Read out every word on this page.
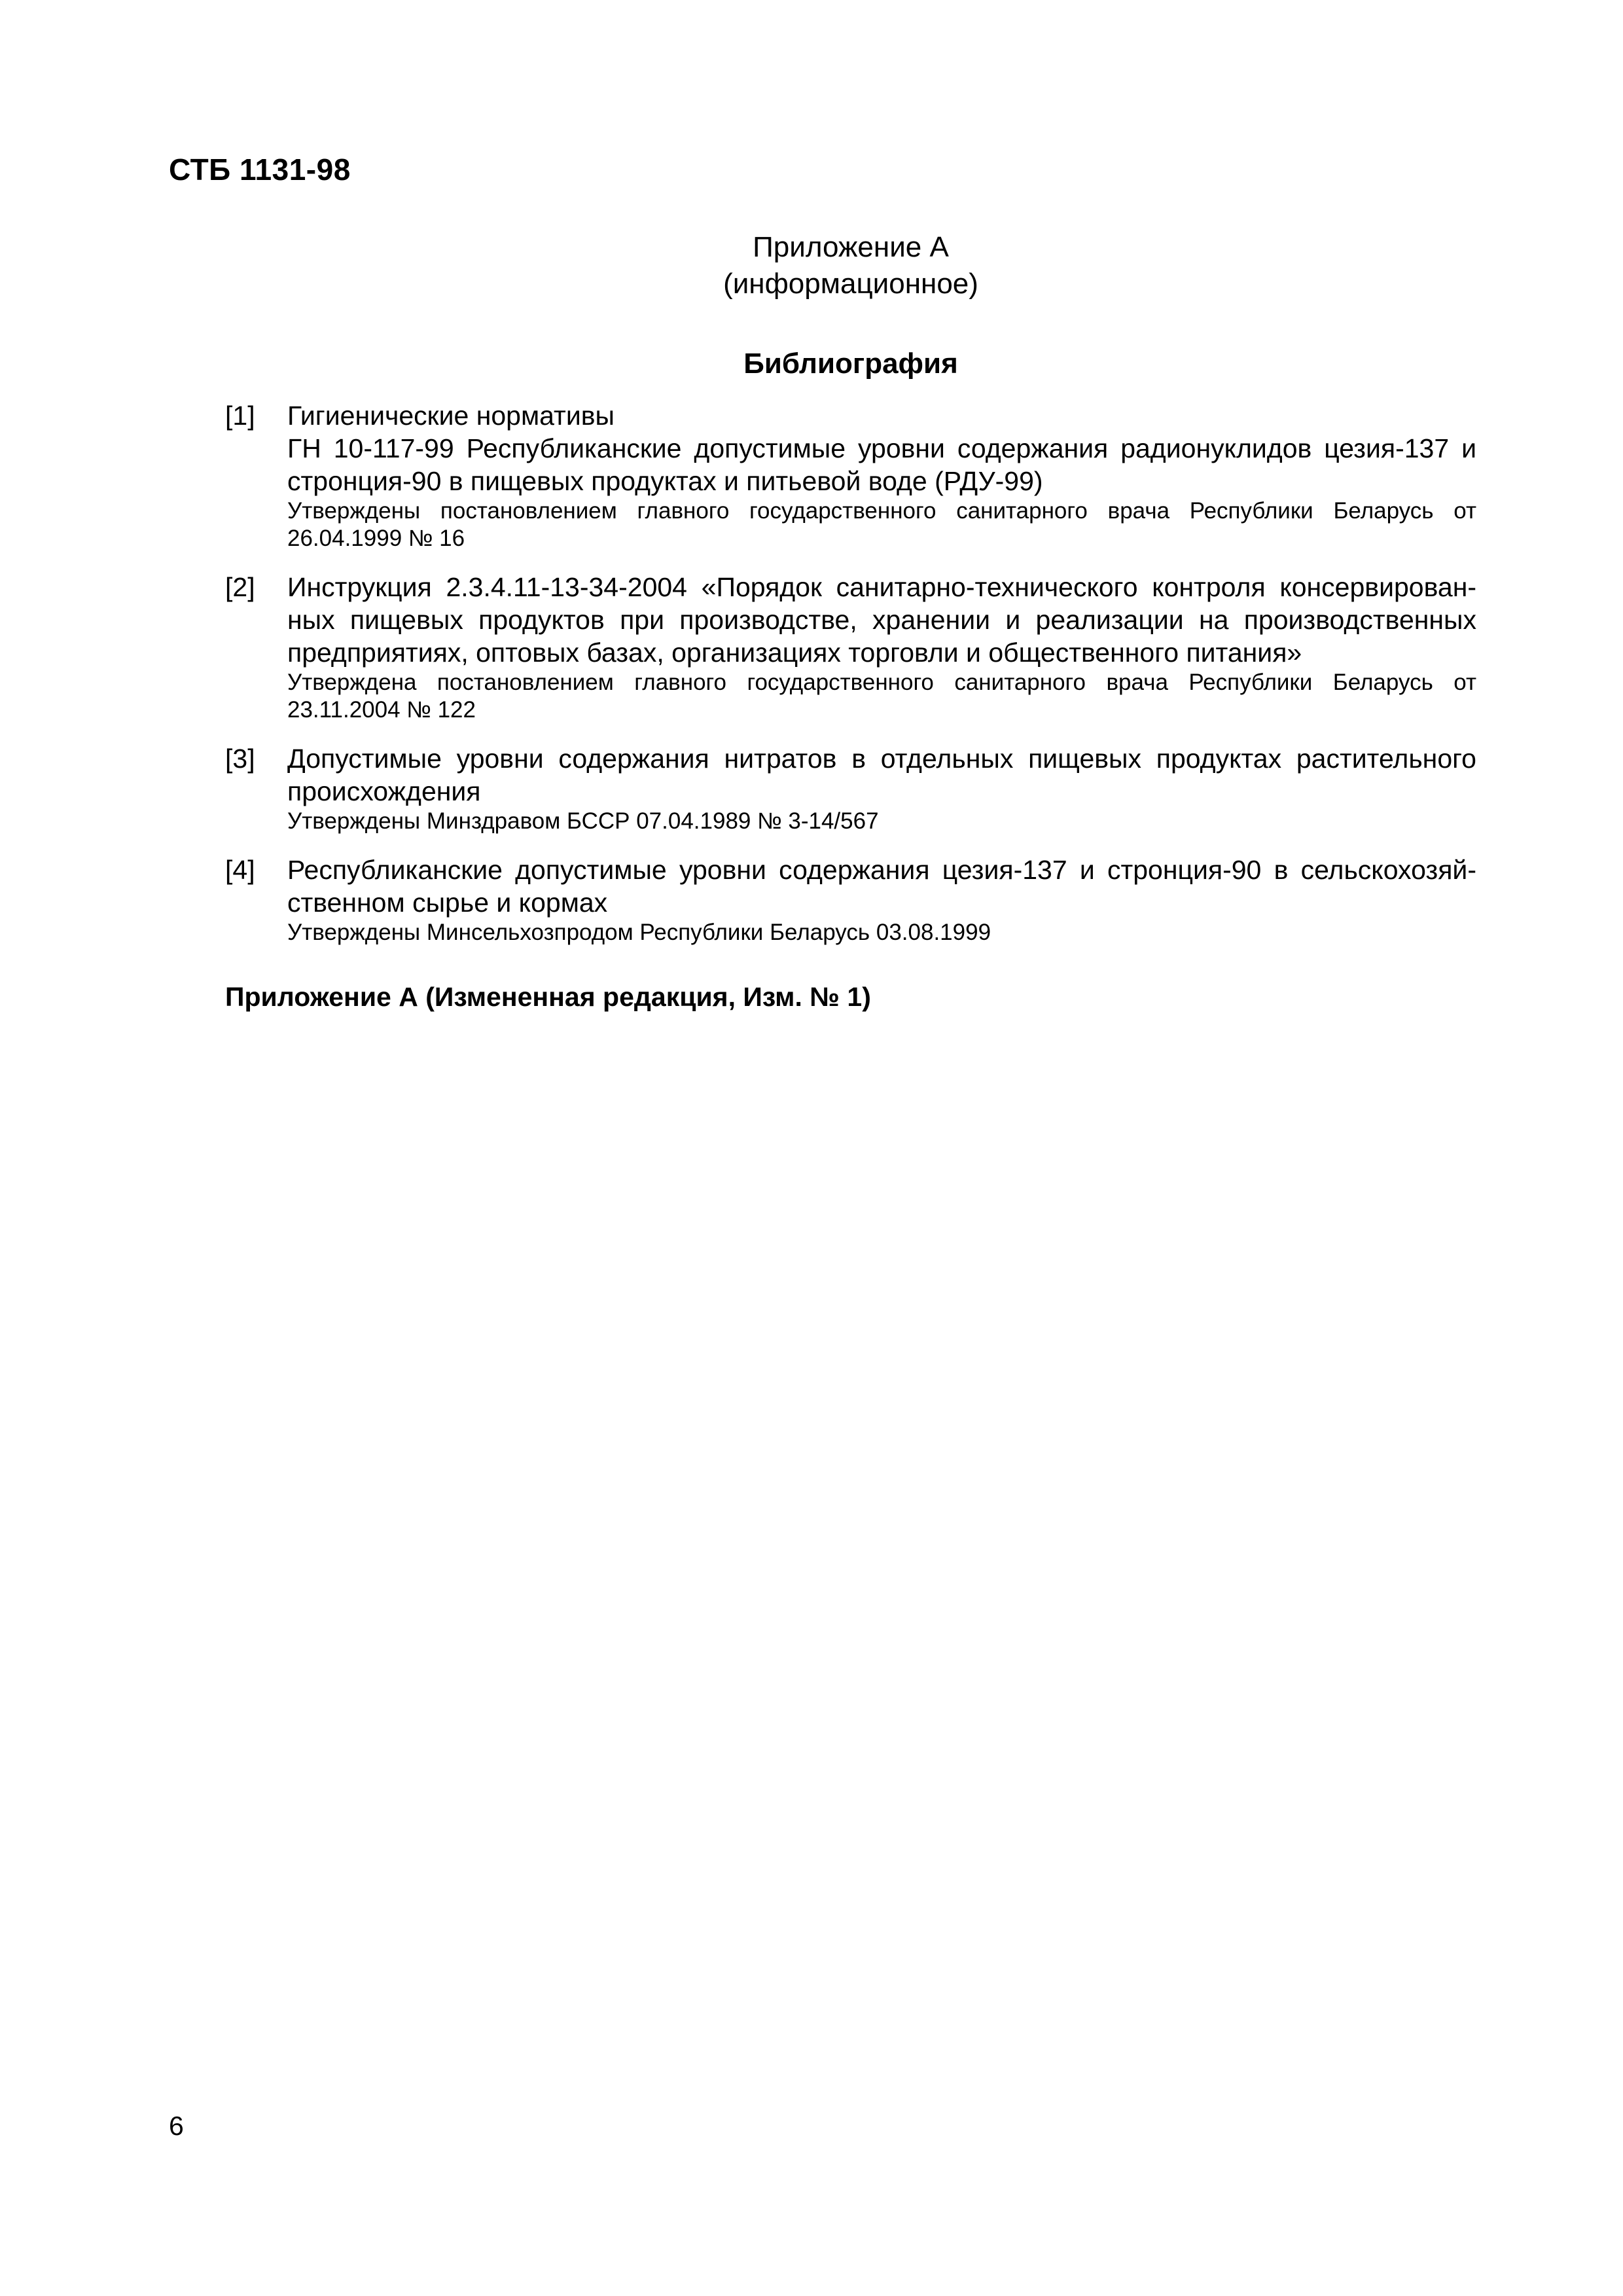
СТБ 1131-98
Приложение А
(информационное)
Библиография
[1] Гигиенические нормативы
ГН 10-117-99 Республиканские допустимые уровни содержания радионуклидов цезия-137 и стронция-90 в пищевых продуктах и питьевой воде (РДУ-99)
Утверждены постановлением главного государственного санитарного врача Республики Беларусь от 26.04.1999 № 16
[2] Инструкция 2.3.4.11-13-34-2004 «Порядок санитарно-технического контроля консервированных пищевых продуктов при производстве, хранении и реализации на производственных предприятиях, оптовых базах, организациях торговли и общественного питания»
Утверждена постановлением главного государственного санитарного врача Республики Беларусь от 23.11.2004 № 122
[3] Допустимые уровни содержания нитратов в отдельных пищевых продуктах растительного происхождения
Утверждены Минздравом БССР 07.04.1989 № 3-14/567
[4] Республиканские допустимые уровни содержания цезия-137 и стронция-90 в сельскохозяйственном сырье и кормах
Утверждены Минсельхозпродом Республики Беларусь 03.08.1999
Приложение А (Измененная редакция, Изм. № 1)
6
